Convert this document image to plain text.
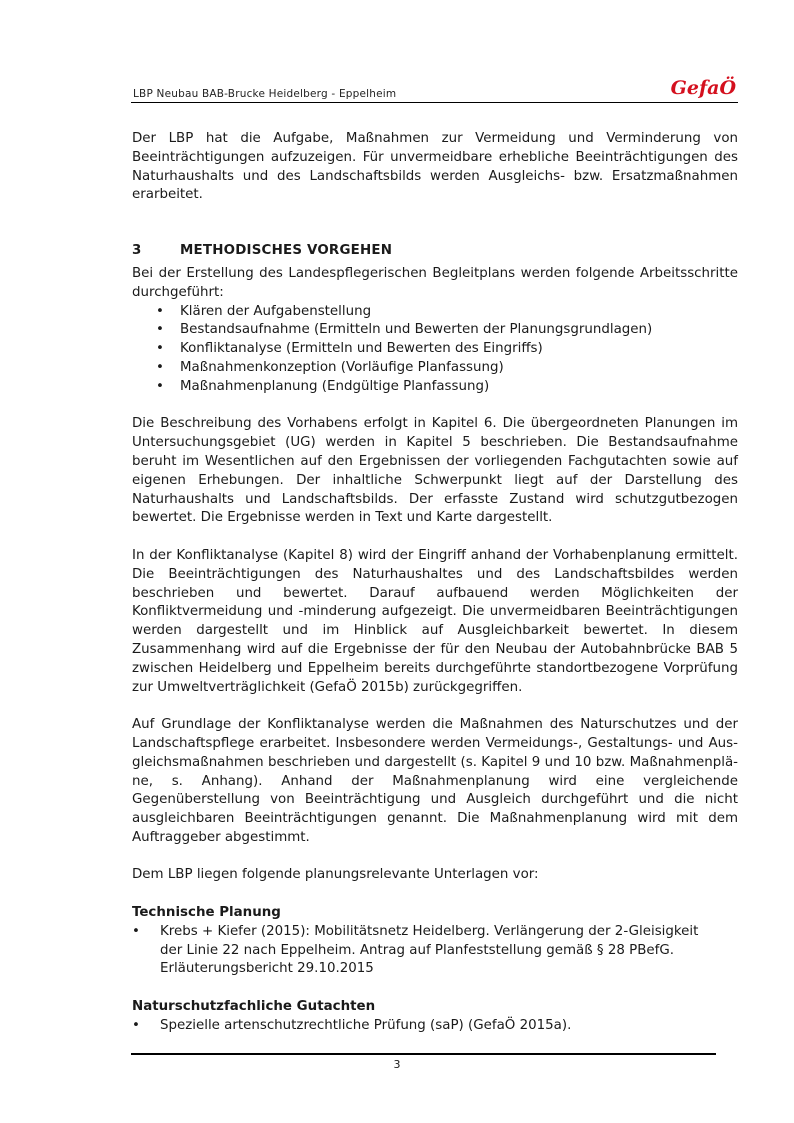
LBP Neubau BAB-Brucke Heidelberg - Eppelheim	GefaÖ

Der LBP hat die Aufgabe, Maßnahmen zur Vermeidung und Verminderung von Beeinträchtigungen aufzuzeigen. Für unvermeidbare erhebliche Beeinträchtigungen des Naturhaushalts und des Landschaftsbilds werden Ausgleichs- bzw. Ersatzmaßnahmen erarbeitet.

3	METHODISCHES VORGEHEN

Bei der Erstellung des Landespflegerischen Begleitplans werden folgende Arbeitsschritte durchgeführt:

• Klären der Aufgabenstellung
• Bestandsaufnahme (Ermitteln und Bewerten der Planungsgrundlagen)
• Konfliktanalyse (Ermitteln und Bewerten des Eingriffs)
• Maßnahmenkonzeption (Vorläufige Planfassung)
• Maßnahmenplanung (Endgültige Planfassung)

Die Beschreibung des Vorhabens erfolgt in Kapitel 6. Die übergeordneten Planungen im Untersuchungsgebiet (UG) werden in Kapitel 5 beschrieben. Die Bestandsaufnahme beruht im Wesentlichen auf den Ergebnissen der vorliegenden Fachgutachten sowie auf eigenen Erhebungen. Der inhaltliche Schwerpunkt liegt auf der Darstellung des Naturhaushalts und Landschaftsbilds. Der erfasste Zustand wird schutzgutbezogen bewertet. Die Ergebnisse werden in Text und Karte dargestellt.

In der Konfliktanalyse (Kapitel 8) wird der Eingriff anhand der Vorhabenplanung ermittelt. Die Beeinträchtigungen des Naturhaushaltes und des Landschaftsbildes werden beschrieben und bewertet. Darauf aufbauend werden Möglichkeiten der Konfliktvermeidung und -minderung aufgezeigt. Die unvermeidbaren Beeinträchtigungen werden dargestellt und im Hinblick auf Ausgleichbarkeit bewertet. In diesem Zusammenhang wird auf die Ergebnisse der für den Neubau der Autobahnbrücke BAB 5 zwischen Heidelberg und Eppelheim bereits durchgeführte standortbezogene Vorprüfung zur Umweltverträglichkeit (GefaÖ 2015b) zurückgegriffen.

Auf Grundlage der Konfliktanalyse werden die Maßnahmen des Naturschutzes und der Landschaftspflege erarbeitet. Insbesondere werden Vermeidungs-, Gestaltungs- und Ausgleichsmaßnahmen beschrieben und dargestellt (s. Kapitel 9 und 10 bzw. Maßnahmenpläne, s. Anhang). Anhand der Maßnahmenplanung wird eine vergleichende Gegenüberstellung von Beeinträchtigung und Ausgleich durchgeführt und die nicht ausgleichbaren Beeinträchtigungen genannt. Die Maßnahmenplanung wird mit dem Auftraggeber abgestimmt.

Dem LBP liegen folgende planungsrelevante Unterlagen vor:

Technische Planung
• Krebs + Kiefer (2015): Mobilitätsnetz Heidelberg. Verlängerung der 2-Gleisigkeit der Linie 22 nach Eppelheim. Antrag auf Planfeststellung gemäß § 28 PBefG. Erläuterungsbericht 29.10.2015
Naturschutzfachliche Gutachten
• Spezielle artenschutzrechtliche Prüfung (saP) (GefaÖ 2015a).
3
